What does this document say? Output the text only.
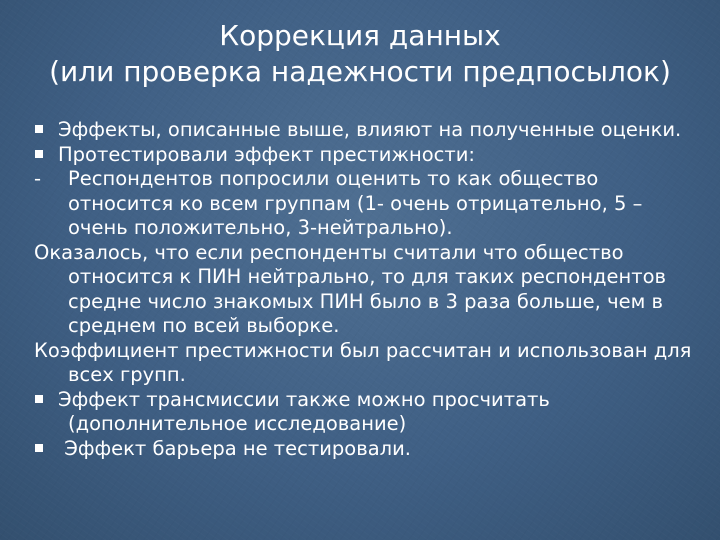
Коррекция данных
(или проверка надежности предпосылок)
Эффекты, описанные выше, влияют на полученные оценки.
Протестировали эффект престижности:
- Респондентов попросили оценить то как общество относится ко всем группам (1- очень отрицательно, 5 – очень положительно, 3-нейтрально).
Оказалось, что если респонденты считали что общество относится к ПИН нейтрально, то для таких респондентов средне число знакомых ПИН было в 3 раза больше, чем в среднем по всей выборке.
Коэффициент престижности был рассчитан и использован для всех групп.
Эффект трансмиссии также можно просчитать (дополнительное исследование)
Эффект барьера не тестировали.
